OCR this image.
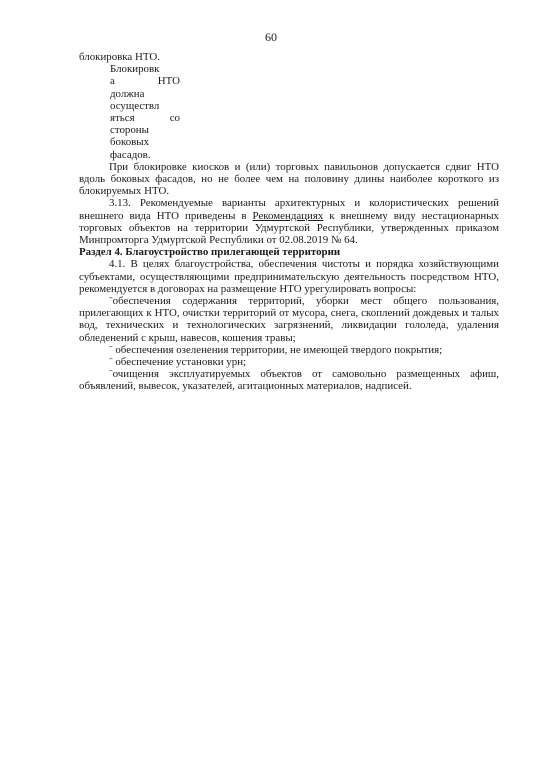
60

блокировка НТО.

Блокировк
а НТО
должна
осуществл
яться со
стороны
боковых
фасадов.

При блокировке киосков и (или) торговых павильонов допускается сдвиг НТО вдоль боковых фасадов, но не более чем на половину длины наиболее короткого из блокируемых НТО.

3.13. Рекомендуемые варианты архитектурных и колористических решений внешнего вида НТО приведены в Рекомендациях к внешнему виду нестационарных торговых объектов на территории Удмуртской Республики, утвержденных приказом Минпромторга Удмуртской Республики от 02.08.2019 № 64.

Раздел 4. Благоустройство прилегающей территории

4.1. В целях благоустройства, обеспечения чистоты и порядка хозяйствующими субъектами, осуществляющими предпринимательскую деятельность посредством НТО, рекомендуется в договорах на размещение НТО урегулировать вопросы:

ˉобеспечения содержания территорий, уборки мест общего пользования, прилегающих к НТО, очистки территорий от мусора, снега, скоплений дождевых и талых вод, технических и технологических загрязнений, ликвидации гололеда, удаления обледенений с крыш, навесов, кошения травы;

ˉ обеспечения озеленения территории, не имеющей твердого покрытия;

ˉ обеспечение установки урн;

ˉочищения эксплуатируемых объектов от самовольно размещенных афиш, объявлений, вывесок, указателей, агитационных материалов, надписей.
